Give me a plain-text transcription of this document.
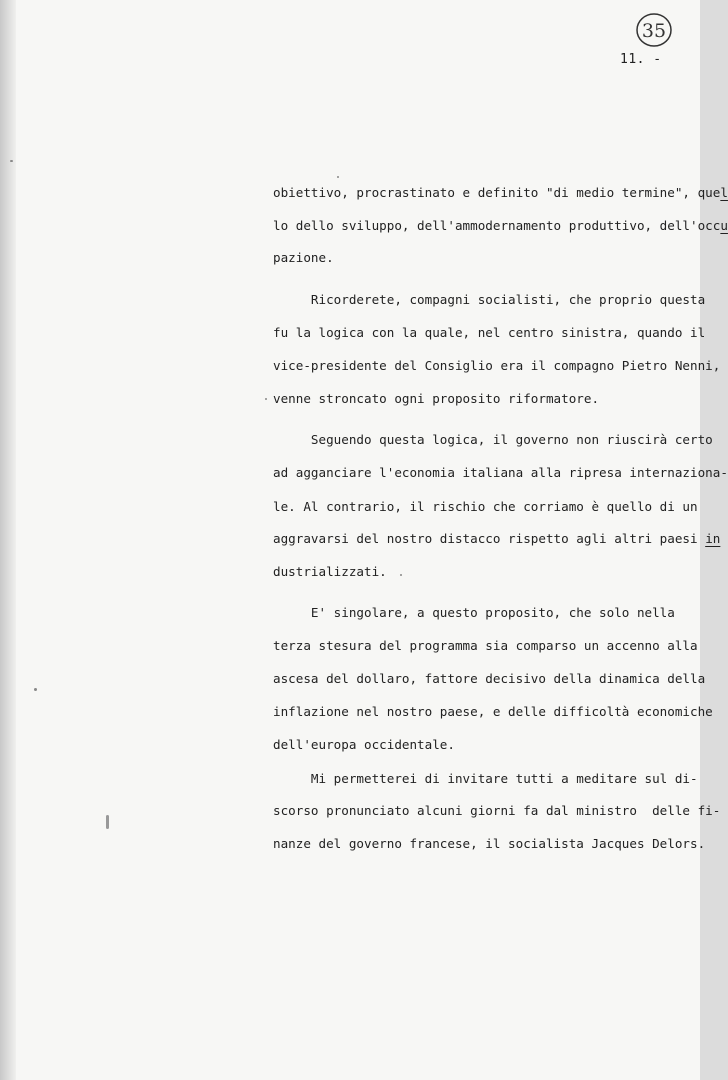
35
11. -
obiettivo, procrastinato e definito "di medio termine", quel
lo dello sviluppo, dell'ammodernamento produttivo, dell'occu
pazione.
Ricorderete, compagni socialisti, che proprio questa
fu la logica con la quale, nel centro sinistra, quando il
vice-presidente del Consiglio era il compagno Pietro Nenni,
venne stroncato ogni proposito riformatore.
Seguendo questa logica, il governo non riuscirà certo
ad agganciare l'economia italiana alla ripresa internaziona-
le. Al contrario, il rischio che corriamo è quello di un
aggravarsi del nostro distacco rispetto agli altri paesi in
dustrializzati.
E' singolare, a questo proposito, che solo nella
terza stesura del programma sia comparso un accenno alla
ascesa del dollaro, fattore decisivo della dinamica della
inflazione nel nostro paese, e delle difficoltà economiche
dell'europa occidentale.
Mi permetterei di invitare tutti a meditare sul di-
scorso pronunciato alcuni giorni fa dal ministro  delle fi-
nanze del governo francese, il socialista Jacques Delors.
